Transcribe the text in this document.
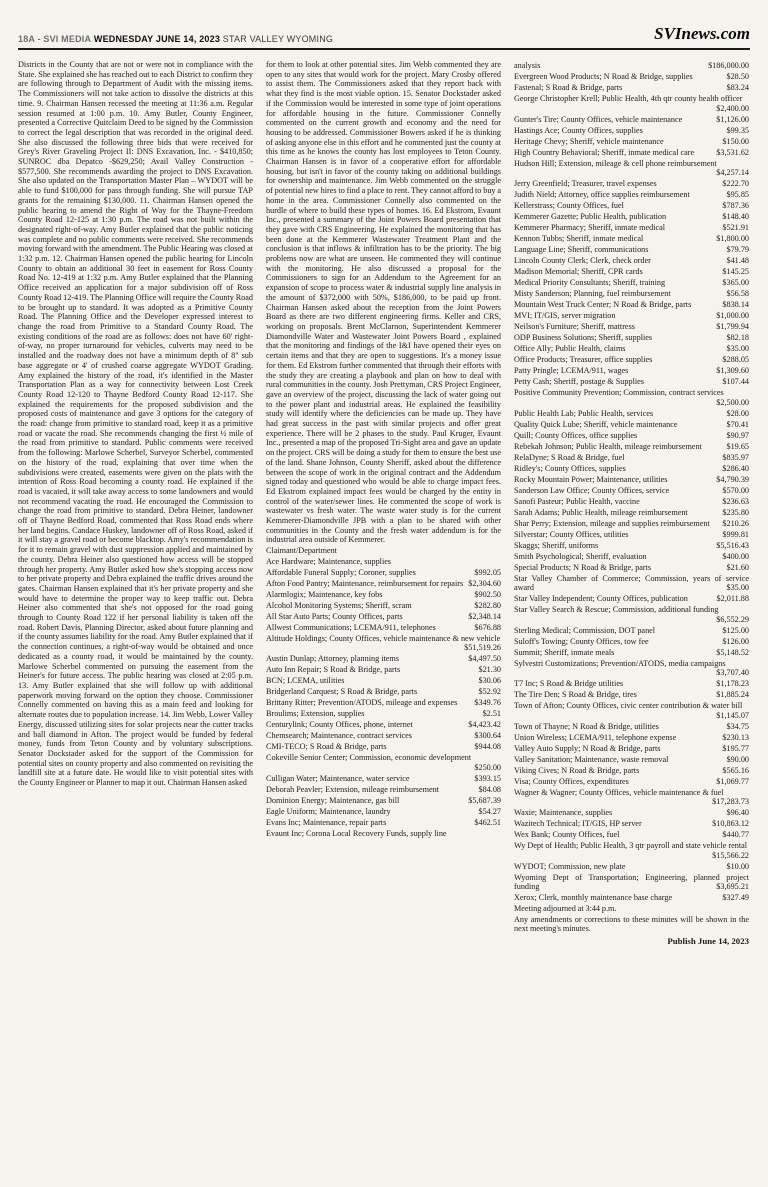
18A - SVI MEDIA WEDNESDAY JUNE 14, 2023 STAR VALLEY WYOMING	SVInews.com

Districts in the County that are not or were not in compliance with the State. She explained she has reached out to each District to confirm they are following through to Department of Audit with the missing items. The Commissioners will not take action to dissolve the districts at this time. 9. Chairman Hansen recessed the meeting at 11:36 a.m. Regular session resumed at 1:00 p.m. 10. Amy Butler, County Engineer, presented a Corrective Quitclaim Deed to be signed by the Commission to correct the legal description that was recorded in the original deed. She also discussed the following three bids that were received for Grey's River Graveling Project II: DNS Excavation, Inc. - $410,850; SUNROC dba Depatco -$629,250; Avail Valley Construction - $577,500. She recommends awarding the project to DNS Excavation. She also updated on the Transportation Master Plan – WYDOT will be able to fund $100,000 for pass through funding. She will pursue TAP grants for the remaining $130,000. 11. Chairman Hansen opened the public hearing to amend the Right of Way for the Thayne-Freedom County Road 12-125 at 1:30 p.m. The road was not built within the designated right-of-way. Amy Butler explained that the public noticing was complete and no public comments were received. She recommends moving forward with the amendment. The Public Hearing was closed at 1:32 p.m. 12. Chairman Hansen opened the public hearing for Lincoln County to obtain an additional 30 feet in easement for Ross County Road No. 12-419 at 1:32 p.m. Amy Butler explained that the Planning Office received an application for a major subdivision off of Ross County Road 12-419. The Planning Office will require the County Road to be brought up to standard. It was adopted as a Primitive County Road. The Planning Office and the Developer expressed interest to change the road from Primitive to a Standard County Road. The existing conditions of the road are as follows: does not have 60' right-of-way, no proper turnaround for vehicles, culverts may need to be installed and the roadway does not have a minimum depth of 8" sub base aggregate or 4' of crushed coarse aggregate WYDOT Grading. Amy explained the history of the road, it's identified in the Master Transportation Plan as a way for connectivity between Lost Creek County Road 12-120 to Thayne Bedford County Road 12-117. She explained the requirements for the proposed subdivision and the proposed costs of maintenance and gave 3 options for the category of the road: change from primitive to standard road, keep it as a primitive road or vacate the road. She recommends changing the first ½ mile of the road from primitive to standard. Public comments were received from the following: Marlowe Scherbel, Surveyor Scherbel, commented on the history of the road, explaining that over time when the subdivisions were created, easements were given on the plats with the intention of Ross Road becoming a county road. He explained if the road is vacated, it will take away access to some landowners and would not recommend vacating the road. He encouraged the Commission to change the road from primitive to standard. Debra Heiner, landowner off of Thayne Bedford Road, commented that Ross Road ends where her land begins. Candace Huskey, landowner off of Ross Road, asked if it will stay a gravel road or become blacktop. Amy's recommendation is for it to remain gravel with dust suppression applied and maintained by the county. Debra Heiner also questioned how access will be stopped through her property. Amy Butler asked how she's stopping access now to her private property and Debra explained the traffic drives around the gates. Chairman Hansen explained that it's her private property and she would have to determine the proper way to keep traffic out. Debra Heiner also commented that she's not opposed for the road going through to County Road 122 if her personal liability is taken off the road. Robert Davis, Planning Director, asked about future planning and if the county assumes liability for the road. Amy Butler explained that if the connection continues, a right-of-way would be obtained and once dedicated as a county road, it would be maintained by the county. Marlowe Scherbel commented on pursuing the easement from the Heiner's for future access. The public hearing was closed at 2:05 p.m. 13. Amy Butler explained that she will follow up with additional paperwork moving forward on the option they choose. Commissioner Connelly commented on having this as a main feed and looking for alternate routes due to population increase. 14. Jim Webb, Lower Valley Energy, discussed utilizing sites for solar projects near the cutter tracks and ball diamond in Afton. The project would be funded by federal money, funds from Teton County and by voluntary subscriptions. Senator Dockstader asked for the support of the Commission for potential sites on county property and also commented on revisiting the landfill site at a future date. He would like to visit potential sites with the County Engineer or Planner to map it out. Chairman Hansen asked

for them to look at other potential sites. Jim Webb commented they are open to any sites that would work for the project. Mary Crosby offered to assist them. The Commissioners asked that they report back with what they find is the most viable option. 15. Senator Dockstader asked if the Commission would be interested in some type of joint operations for affordable housing in the future. Commissioner Connelly commented on the current growth and economy and the need for housing to be addressed. Commissioner Bowers asked if he is thinking of asking anyone else in this effort and he commented just the county at this time as he knows the county has lost employees to Teton County. Chairman Hansen is in favor of a cooperative effort for affordable housing, but isn't in favor of the county taking on additional buildings for ownership and maintenance. Jim Webb commented on the struggle of potential new hires to find a place to rent. They cannot afford to buy a home in the area. Commissioner Connelly also commented on the hurdle of where to build these types of homes. 16. Ed Ekstrom, Evaunt Inc., presented a summary of the Joint Powers Board presentation that they gave with CRS Engineering. He explained the monitoring that has been done at the Kemmerer Wastewater Treatment Plant and the conclusion is that inflows & infiltration has to be the priority. The big problems now are what are unseen. He commented they will continue with the monitoring. He also discussed a proposal for the Commissioners to sign for an Addendum to the Agreement for an expansion of scope to process water & industrial supply line analysis in the amount of $372,000 with 50%, $186,000, to be paid up front. Chairman Hansen asked about the reception from the Joint Powers Board as there are two different engineering firms. Keller and CRS, working on proposals. Brent McClarnon, Superintendent Kemmerer Diamondville Water and Wastewater Joint Powers Board , explained that the monitoring and findings of the I&I have opened their eyes on certain items and that they are open to suggestions. It's a money issue for them. Ed Ekstrom further commented that through their efforts with the study they are creating a playbook and plan on how to deal with rural communities in the county. Josh Prettyman, CRS Project Engineer, gave an overview of the project, discussing the lack of water going out to the power plant and industrial areas. He explained the feasibility study will identify where the deficiencies can be made up. They have had great success in the past with similar projects and offer great experience. There will be 2 phases to the study. Paul Kruger, Evaunt Inc., presented a map of the proposed Tri-Sight area and gave an update on the project. CRS will be doing a study for them to ensure the best use of the land. Shane Johnson, County Sheriff, asked about the difference between the scope of work in the original contract and the Addendum signed today and questioned who would be able to charge impact fees. Ed Ekstrom explained impact fees would be charged by the entity in control of the water/sewer lines. He commented the scope of work is wastewater vs fresh water. The waste water study is for the current Kemmerer-Diamondville JPB with a plan to be shared with other communities in the County and the fresh water addendum is for the industrial area outside of Kemmerer.

Claimant/Department
Ace Hardware; Maintenance, supplies
Affordable Funeral Supply; Coroner, supplies	$992.05
Afton Food Pantry; Maintenance, reimbursement for repairs $2,304.60
Alarmlogix; Maintenance, key fobs	$902.50
Alcohol Monitoring Systems; Sheriff, scram	$282.80
All Star Auto Parts; County Offices, parts	$2,348.14
Allwest Communications; LCEMA/911, telephones	$676.88
Altitude Holdings; County Offices, vehicle maintenance & new vehicle
$51,519.26
Austin Dunlap; Attorney, planning items	$4,497.50
Auto Inn Repair; S Road & Bridge, parts	$21.30
BCN; LCEMA, utilities	$30.06
Bridgerland Carquest; S Road & Bridge, parts	$52.92
Brittany Ritter; Prevention/ATODS, mileage and expenses	$349.76
Broulims; Extension, supplies	$2.51
Centurylink; County Offices, phone, internet	$4,423.42
Chemsearch; Maintenance, contract services	$300.64
CMI-TECO; S Road & Bridge, parts	$944.08
Cokeville Senior Center; Commission, economic development
$250.00
Culligan Water; Maintenance, water service	$393.15
Deborah Peavler; Extension, mileage reimbursement	$84.08
Dominion Energy; Maintenance, gas bill	$5,687.39
Eagle Uniform; Maintenance, laundry	$54.27
Evans Inc; Maintenance, repair parts	$462.51
Evaunt Inc; Corona Local Recovery Funds, supply line
analysis	$186,000.00
Evergreen Wood Products; N Road & Bridge, supplies	$28.50
Fastenal; S Road & Bridge, parts	$83.24
George Christopher Krell; Public Health, 4th qtr county health officer
$2,400.00
Gunter's Tire; County Offices, vehicle maintenance	$1,126.00
Hastings Ace; County Offices, supplies	$99.35
Heritage Chevy; Sheriff, vehicle maintenance	$150.00
High Country Behavioral; Sheriff, inmate medical care	$3,531.62
Hudson Hill; Extension, mileage & cell phone reimbursement
$4,257.14
Jerry Greenfield; Treasurer, travel expenses	$222.70
Judith Nield; Attorney, office supplies reimbursement	$95.85
Kellerstrass; County Offices, fuel	$787.36
Kemmerer Gazette; Public Health, publication	$148.40
Kemmerer Pharmacy; Sheriff, inmate medical	$521.91
Kennon Tubbs; Sheriff, inmate medical	$1,800.00
Language Line; Sheriff, communications	$79.79
Lincoln County Clerk; Clerk, check order	$41.48
Madison Memorial; Sheriff, CPR cards	$145.25
Medical Priority Consultants; Sheriff, training	$365.00
Misty Sanderson; Planning, fuel reimbursement	$56.58
Mountain West Truck Center; N Road & Bridge, parts	$838.14
MVI; IT/GIS, server migration	$1,000.00
Neilson's Furniture; Sheriff, mattress	$1,799.94
ODP Business Solutions; Sheriff, supplies	$82.18
Office Ally; Public Health, claims	$35.00
Office Products; Treasurer, office supplies	$288.05
Patty Pringle; LCEMA/911, wages	$1,309.60
Petty Cash; Sheriff, postage & Supplies	$107.44
Positive Community Prevention; Commission, contract services
$2,500.00
Public Health Lab; Public Health, services	$28.00
Quality Quick Lube; Sheriff, vehicle maintenance	$70.41
Quill; County Offices, office supplies	$90.97
Rebekah Johnson; Public Health, mileage reimbursement	$19.65
RelaDyne; S Road & Bridge, fuel	$835.97
Ridley's; County Offices, supplies	$286.40
Rocky Mountain Power; Maintenance, utilities	$4,790.39
Sanderson Law Office; County Offices, service	$570.00
Sanofi Pasteur; Public Health, vaccine	$236.63
Sarah Adams; Public Health, mileage reimbursement	$235.80
Shar Perry; Extension, mileage and supplies reimbursement	$210.26
Silverstar; County Offices, utilities	$999.81
Skaggs; Sheriff, uniforms	$5,516.43
Smith Psychological; Sheriff, evaluation	$400.00
Special Products; N Road & Bridge, parts	$21.60
Star Valley Chamber of Commerce; Commission, years of service award	$35.00
Star Valley Independent; County Offices, publication	$2,011.88
Star Valley Search & Rescue; Commission, additional funding
$6,552.29
Sterling Medical; Commission, DOT panel	$125.00
Suloff's Towing; County Offices, tow fee	$126.00
Summit; Sheriff, inmate meals	$5,148.52
Sylvestri Customizations; Prevention/ATODS, media campaigns
$3,707.40
T7 Inc; S Road & Bridge utilities	$1,178.23
The Tire Den; S Road & Bridge, tires	$1,885.24
Town of Afton; County Offices, civic center contribution & water bill
$1,145.07
Town of Thayne; N Road & Bridge, utilities	$34.75
Union Wireless; LCEMA/911, telephone expense	$230.13
Valley Auto Supply; N Road & Bridge, parts	$195.77
Valley Sanitation; Maintenance, waste removal	$90.00
Viking Cives; N Road & Bridge, parts	$565.16
Visa; County Offices, expenditures	$1,069.77
Wagner & Wagner; County Offices, vehicle maintenance & fuel
$17,283.73
Waxie; Maintenance, supplies	$96.40
Wazitech Technical; IT/GIS, HP server	$10,863.12
Wex Bank; County Offices, fuel	$440.77
Wy Dept of Health; Public Health, 3 qtr payroll and state vehicle rental
$15,566.22
WYDOT; Commission, new plate	$10.00
Wyoming Dept of Transportation; Engineering, planned project funding	$3,695.21
Xerox; Clerk, monthly maintenance base charge	$327.49

Meeting adjourned at 3:44 p.m.

Any amendments or corrections to these minutes will be shown in the next meeting's minutes.

Publish June 14, 2023
